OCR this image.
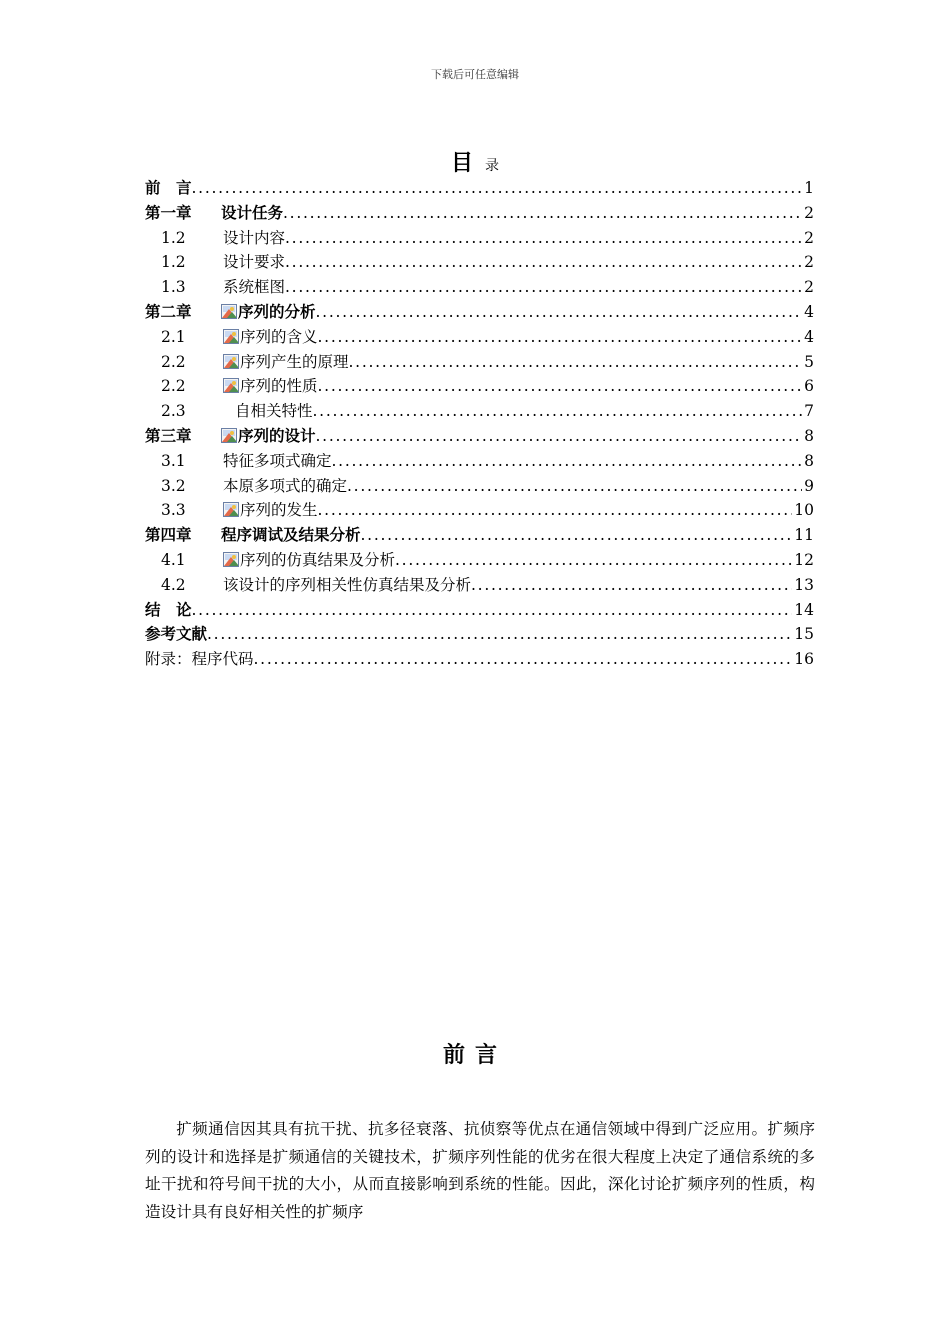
下载后可任意编辑
目录
前　言 . . .	1
第一章 设计任务 . . .	2
1.2 设计内容 . . .	2
1.2 设计要求 . . .	2
1.3 系统框图 . . .	2
第二章	序列的分析 . . .	4
2.1	序列的含义 . . .	4
2.2	序列产生的原理 . . .	5
2.2	序列的性质 . . .	6
2.3	自相关特性 . . .	7
第三章	序列的设计 . . .	8
3.1 特征多项式确定 . . .	8
3.2 本原多项式的确定 . . .	9
3.3	序列的发生 . . .	10
第四章 程序调试及结果分析 . . .	11
4.1	序列的仿真结果及分析 . . .	12
4.2 该设计的序列相关性仿真结果及分析 . . .	13
结　论 . . .	14
参考文献 . . .	15
附录：程序代码 . . .	16
前言
扩频通信因其具有抗干扰、抗多径衰落、抗侦察等优点在通信领域中得到广泛应用。扩频序列的设计和选择是扩频通信的关键技术，扩频序列性能的优劣在很大程度上决定了通信系统的多址干扰和符号间干扰的大小，从而直接影响到系统的性能。因此，深化讨论扩频序列的性质，构造设计具有良好相关性的扩频序
